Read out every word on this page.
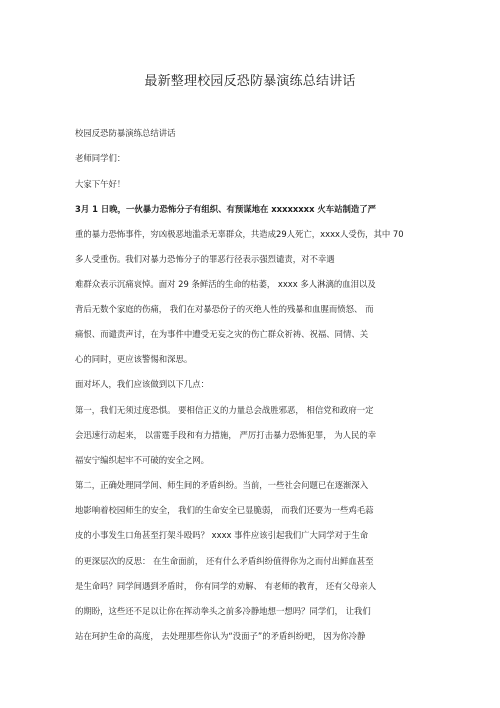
最新整理校园反恐防暴演练总结讲话
校园反恐防暴演练总结讲话
老师同学们：
大家下午好！
3月 1 日晚，一伙暴力恐怖分子有组织、有预谋地在 xxxxxxxx 火车站制造了严
重的暴力恐怖事件，穷凶极恶地滥杀无辜群众，共造成29人死亡，xxxx人受伤，其中 70
多人受重伤。我们对暴力恐怖分子的罪恶行径表示强烈谴责，对不幸遇
难群众表示沉痛哀悼。面对 29 条鲜活的生命的枯萎， xxxx 多人淋漓的血泪以及
背后无数个家庭的伤痛， 我们在对暴恐份子的灭绝人性的残暴和血腥而愤怒、 而
痛恨、而谴责声讨，在为事件中遭受无妄之灾的伤亡群众祈祷、祝福、同情、关
心的同时，更应该警惕和深思。
面对坏人，我们应该做到以下几点：
第一，我们无须过度恐惧。 要相信正义的力量总会战胜邪恶， 相信党和政府一定
会迅速行动起来， 以雷霆手段和有力措施， 严厉打击暴力恐怖犯罪， 为人民的幸
福安宁编织起牢不可破的安全之网。
第二，正确处理同学间、师生间的矛盾纠纷。当前，一些社会问题已在逐渐深入
地影响着校园师生的安全， 我们的生命安全已显脆弱， 而我们还要为一些鸡毛蒜
皮的小事发生口角甚至打架斗殴吗？ xxxx 事件应该引起我们广大同学对于生命
的更深层次的反思： 在生命面前， 还有什么矛盾纠纷值得你为之而付出鲜血甚至
是生命吗？同学间遇到矛盾时， 你有同学的劝解、 有老师的教育， 还有父母亲人
的期盼，这些还不足以让你在挥动拳头之前多冷静地想一想吗？同学们， 让我们
站在珂护生命的高度， 去处理那些你认为“没面子”的矛盾纠纷吧， 因为你冷静
